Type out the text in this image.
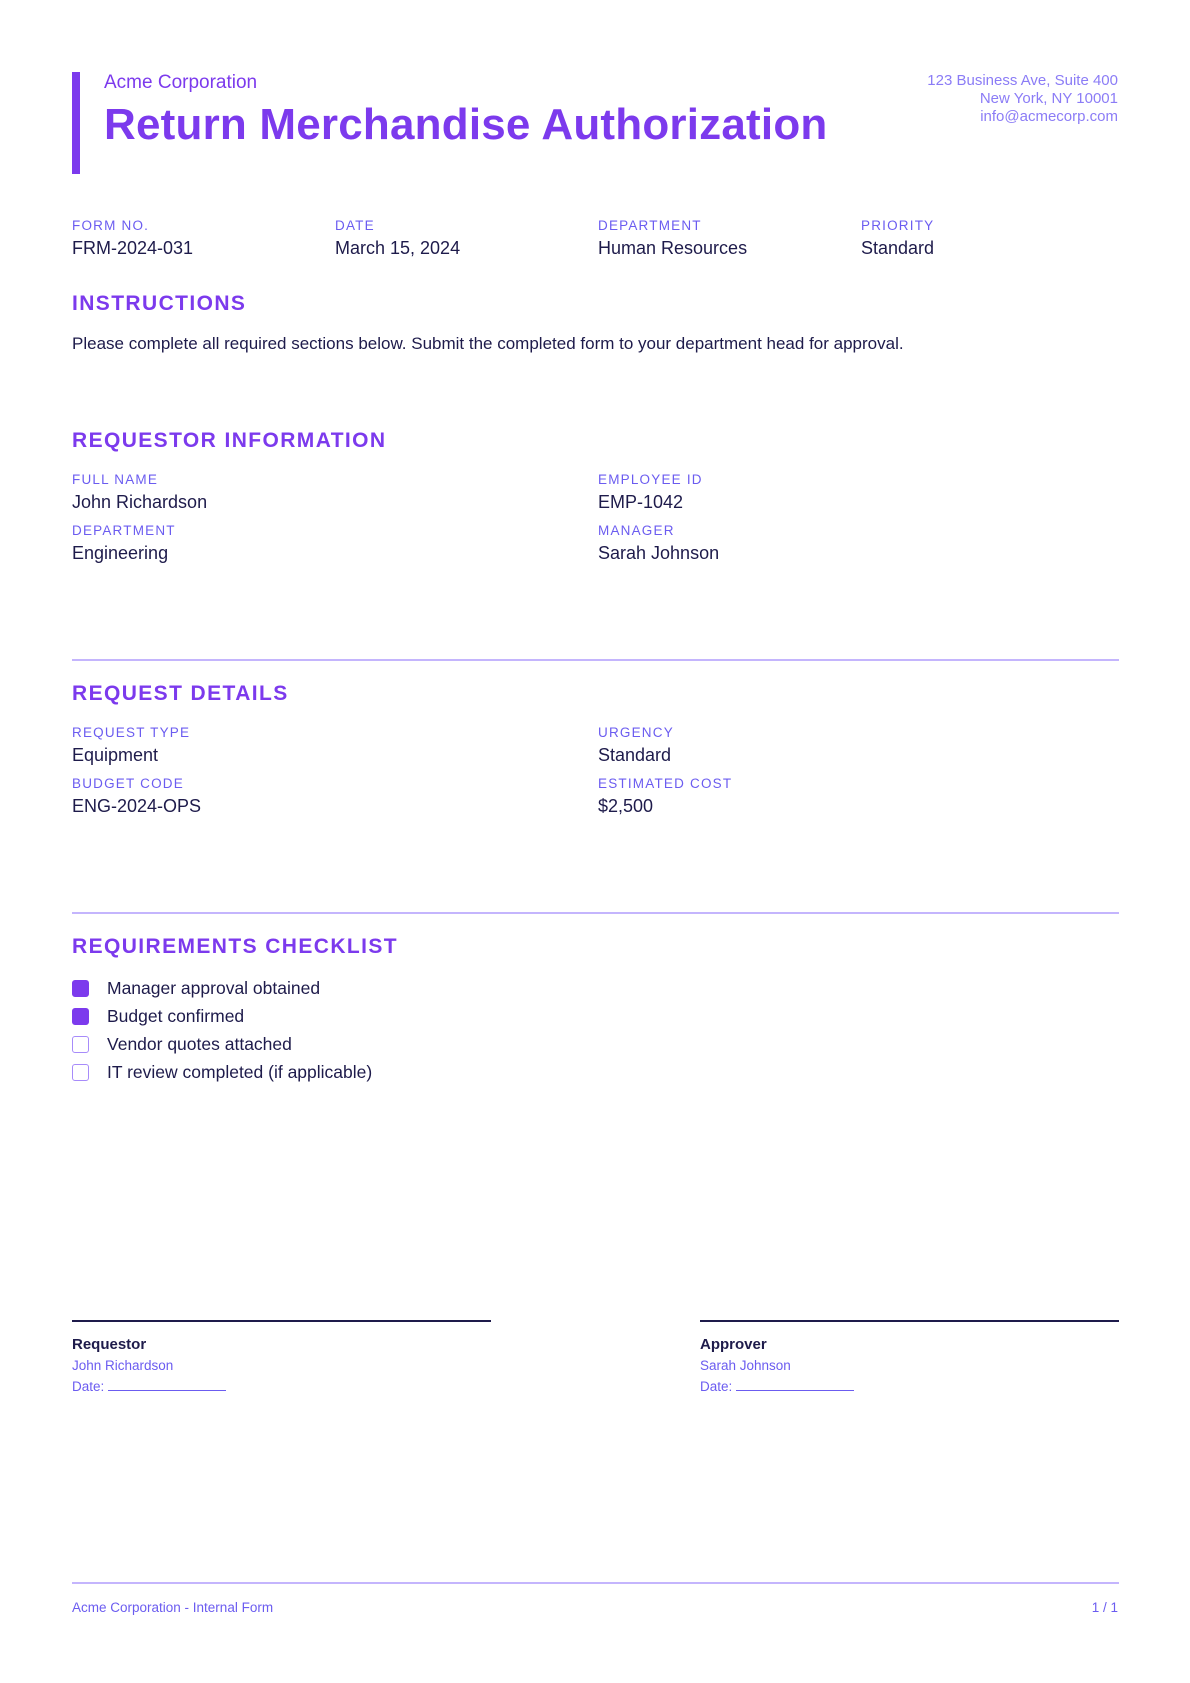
Acme Corporation
Return Merchandise Authorization
123 Business Ave, Suite 400
New York, NY 10001
info@acmecorp.com
FORM NO.
FRM-2024-031
DATE
March 15, 2024
DEPARTMENT
Human Resources
PRIORITY
Standard
INSTRUCTIONS
Please complete all required sections below. Submit the completed form to your department head for approval.
REQUESTOR INFORMATION
FULL NAME
John Richardson
EMPLOYEE ID
EMP-1042
DEPARTMENT
Engineering
MANAGER
Sarah Johnson
REQUEST DETAILS
REQUEST TYPE
Equipment
URGENCY
Standard
BUDGET CODE
ENG-2024-OPS
ESTIMATED COST
$2,500
REQUIREMENTS CHECKLIST
Manager approval obtained
Budget confirmed
Vendor quotes attached
IT review completed (if applicable)
Requestor
John Richardson
Date:
Approver
Sarah Johnson
Date:
Acme Corporation - Internal Form	1 / 1
